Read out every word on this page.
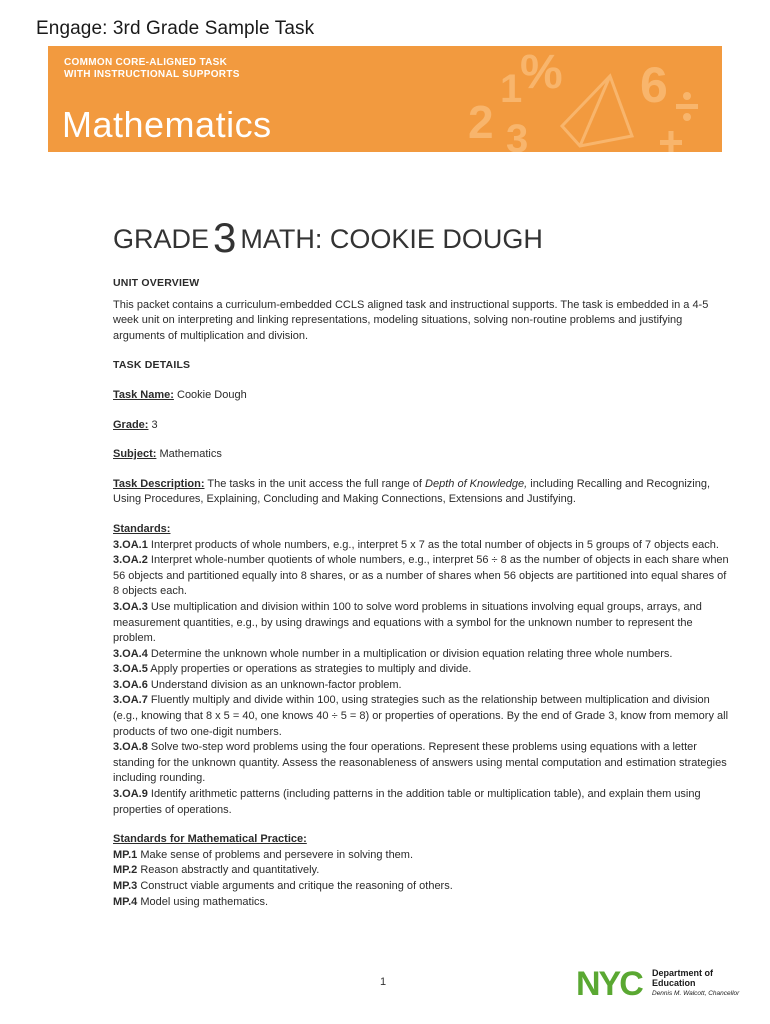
Engage: 3rd Grade Sample Task
COMMON CORE-ALIGNED TASK
WITH INSTRUCTIONAL SUPPORTS
Mathematics	2
1
%
3
6
GRADE3 MATH: COOKIE DOUGH
UNIT OVERVIEW

This packet contains a curriculum-embedded CCLS aligned task and instructional supports. The task is embedded in a 4-5 week unit on interpreting and linking representations, modeling situations, solving non-routine problems and justifying arguments of multiplication and division.

TASK DETAILS

Task Name: Cookie Dough

Grade: 3

Subject: Mathematics

Task Description: The tasks in the unit access the full range of Depth of Knowledge, including Recalling and Recognizing, Using Procedures, Explaining, Concluding and Making Connections, Extensions and Justifying.

Standards:

3.OA.1 Interpret products of whole numbers, e.g., interpret 5 x 7 as the total number of objects in 5 groups of 7 objects each.

3.OA.2 Interpret whole-number quotients of whole numbers, e.g., interpret 56 ÷ 8 as the number of objects in each share when 56 objects and partitioned equally into 8 shares, or as a number of shares when 56 objects are partitioned into equal shares of 8 objects each.

3.OA.3 Use multiplication and division within 100 to solve word problems in situations involving equal groups, arrays, and measurement quantities, e.g., by using drawings and equations with a symbol for the unknown number to represent the problem.

3.OA.4 Determine the unknown whole number in a multiplication or division equation relating three whole numbers.

3.OA.5 Apply properties or operations as strategies to multiply and divide.

3.OA.6 Understand division as an unknown-factor problem.

3.OA.7 Fluently multiply and divide within 100, using strategies such as the relationship between multiplication and division (e.g., knowing that 8 x 5 = 40, one knows 40 ÷ 5 = 8) or properties of operations. By the end of Grade 3, know from memory all products of two one-digit numbers.

3.OA.8 Solve two-step word problems using the four operations. Represent these problems using equations with a letter standing for the unknown quantity. Assess the reasonableness of answers using mental computation and estimation strategies including rounding.

3.OA.9 Identify arithmetic patterns (including patterns in the addition table or multiplication table), and explain them using properties of operations.

Standards for Mathematical Practice:

MP.1 Make sense of problems and persevere in solving them.

MP.2 Reason abstractly and quantitatively.

MP.3 Construct viable arguments and critique the reasoning of others.

MP.4 Model using mathematics.

1	NYC Department of
Education
Dennis M. Walcott, Chancellor
